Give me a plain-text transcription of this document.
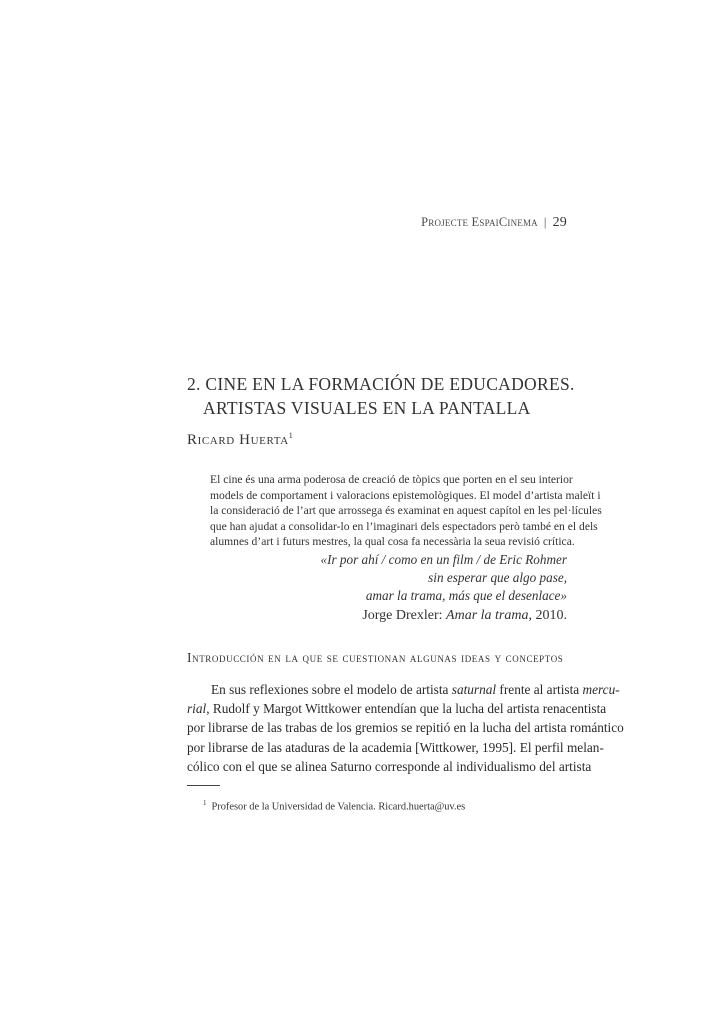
Projecte EspaiCinema | 29
2. CINE EN LA FORMACIÓN DE EDUCADORES.
ARTISTAS VISUALES EN LA PANTALLA
Ricard Huerta$^1$
El cine és una arma poderosa de creació de tòpics que porten en el seu interior
models de comportament i valoracions epistemològiques. El model d’artista maleït i
la consideració de l’art que arrossega és examinat en aquest capítol en les pel·lícules
que han ajudat a consolidar-lo en l’imaginari dels espectadors però també en el dels
alumnes d’art i futurs mestres, la qual cosa fa necessària la seua revisió crítica.
«Ir por ahí / como en un film / de Eric Rohmer
sin esperar que algo pase,
amar la trama, más que el desenlace»
Jorge Drexler: Amar la trama, 2010.
Introducción en la que se cuestionan algunas ideas y conceptos
En sus reflexiones sobre el modelo de artista saturnal frente al artista mercu-
rial, Rudolf y Margot Wittkower entendían que la lucha del artista renacentista
por librarse de las trabas de los gremios se repitió en la lucha del artista romántico
por librarse de las ataduras de la academia [Wittkower, 1995]. El perfil melan-
cólico con el que se alinea Saturno corresponde al individualismo del artista
$^1$ Profesor de la Universidad de Valencia. Ricard.huerta@uv.es
